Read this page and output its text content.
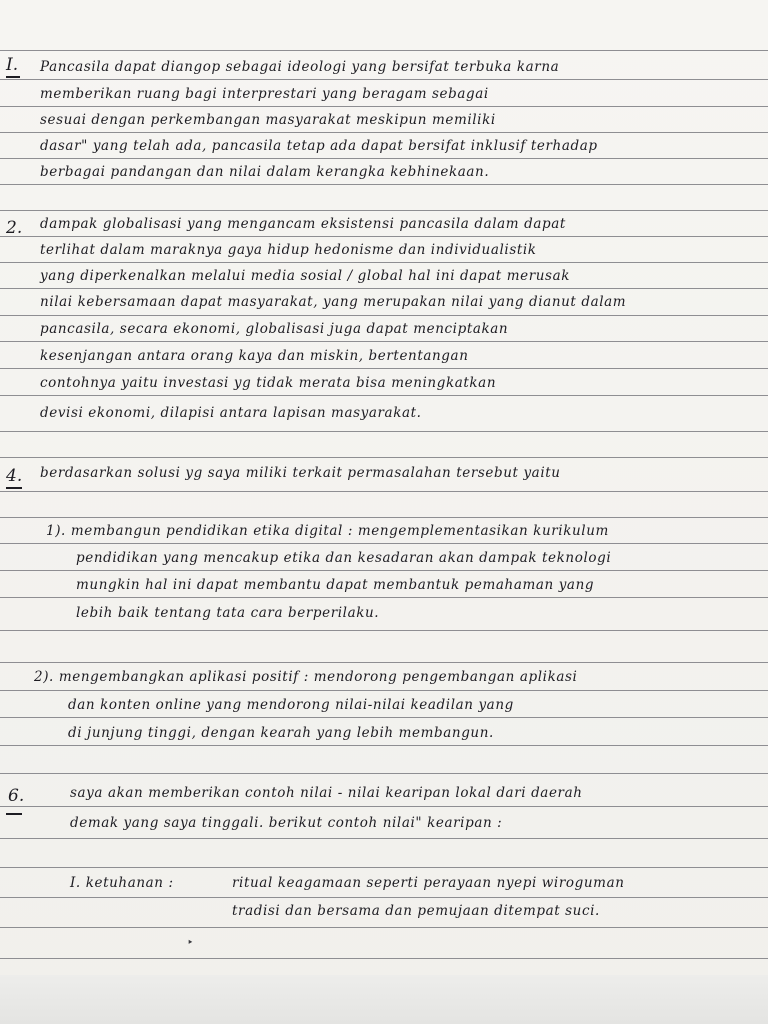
I. Pancasila dapat diangop sebagai ideologi yang bersifat terbuka karna
memberikan ruang bagi interprestari yang beragam sebagai
sesuai dengan perkembangan masyarakat meskipun memiliki
dasar" yang telah ada, pancasila tetap ada dapat bersifat inklusif terhadap
berbagai pandangan dan nilai dalam kerangka kebhinekaan.
2. dampak globalisasi yang mengancam eksistensi pancasila dalam dapat
terlihat dalam maraknya gaya hidup hedonisme dan individualistik
yang diperkenalkan melalui media sosial / global hal ini dapat merusak
nilai kebersamaan dapat masyarakat, yang merupakan nilai yang dianut dalam
pancasila, secara ekonomi, globalisasi juga dapat menciptakan
kesenjangan antara orang kaya dan miskin, bertentangan
contohnya yaitu investasi yg tidak merata bisa meningkatkan
devisi ekonomi, dilapisi antara lapisan masyarakat.
4. berdasarkan solusi yg saya miliki terkait permasalahan tersebut yaitu
1). membangun pendidikan etika digital : mengemplementasikan kurikulum
pendidikan yang mencakup etika dan kesadaran akan dampak teknologi
mungkin hal ini dapat membantu dapat membantuk pemahaman yang
lebih baik tentang tata cara berperilaku.
2). mengembangkan aplikasi positif : mendorong pengembangan aplikasi
dan konten online yang mendorong nilai-nilai keadilan yang
di junjung tinggi, dengan kearah yang lebih membangun.
6.	saya akan memberikan contoh nilai - nilai kearipan lokal dari daerah
demak yang saya tinggali. berikut contoh nilai" kearipan :
I. ketuhanan :	ritual keagamaan seperti perayaan nyepi wiroguman
tradisi dan bersama dan pemujaan ditempat suci.
‣
